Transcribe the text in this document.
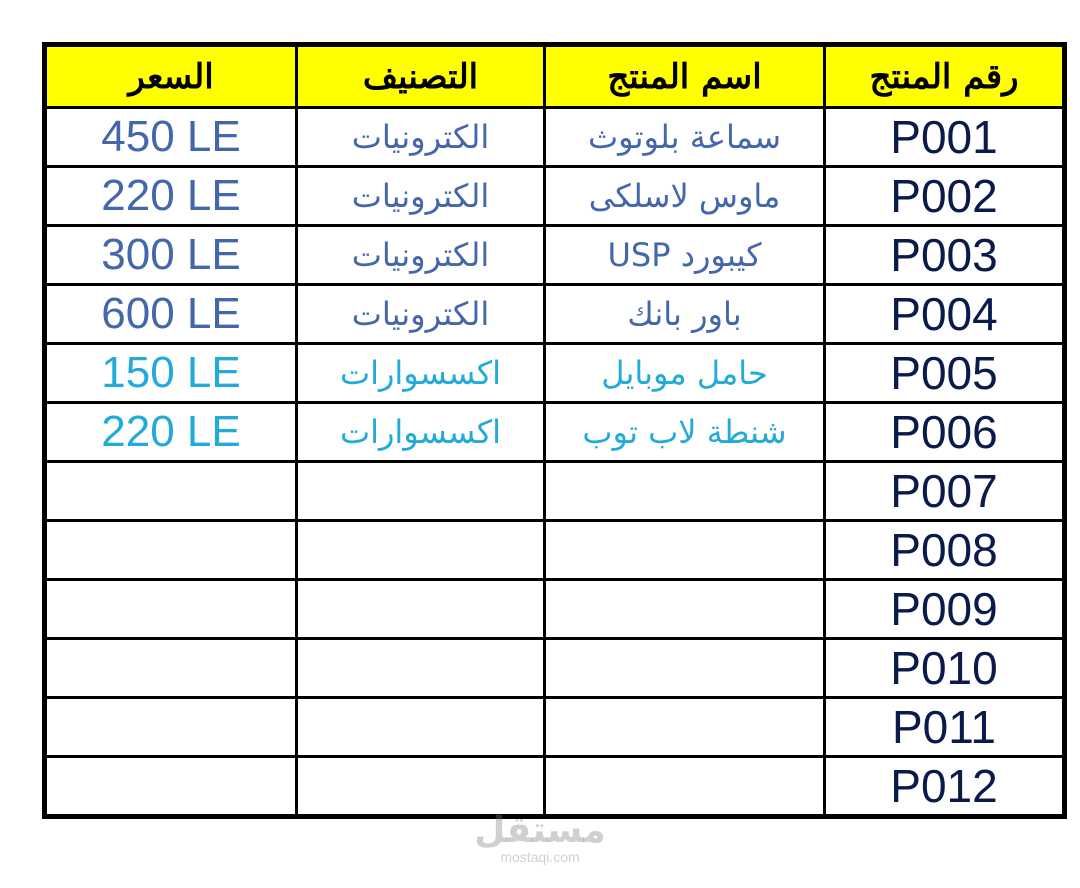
السعر	التصنيف	اسم المنتج	رقم المنتج
450 LE	الكترونيات	سماعة بلوتوث	P001
220 LE	الكترونيات	ماوس لاسلكى	P002
300 LE	الكترونيات	كيبورد USP	P003
600 LE	الكترونيات	باور بانك	P004
150 LE	اكسسوارات	حامل موبايل	P005
220 LE	اكسسوارات	شنطة لاب توب	P006
			P007
			P008
			P009
			P010
			P011
			P012
مستقل
mostaqi.com
